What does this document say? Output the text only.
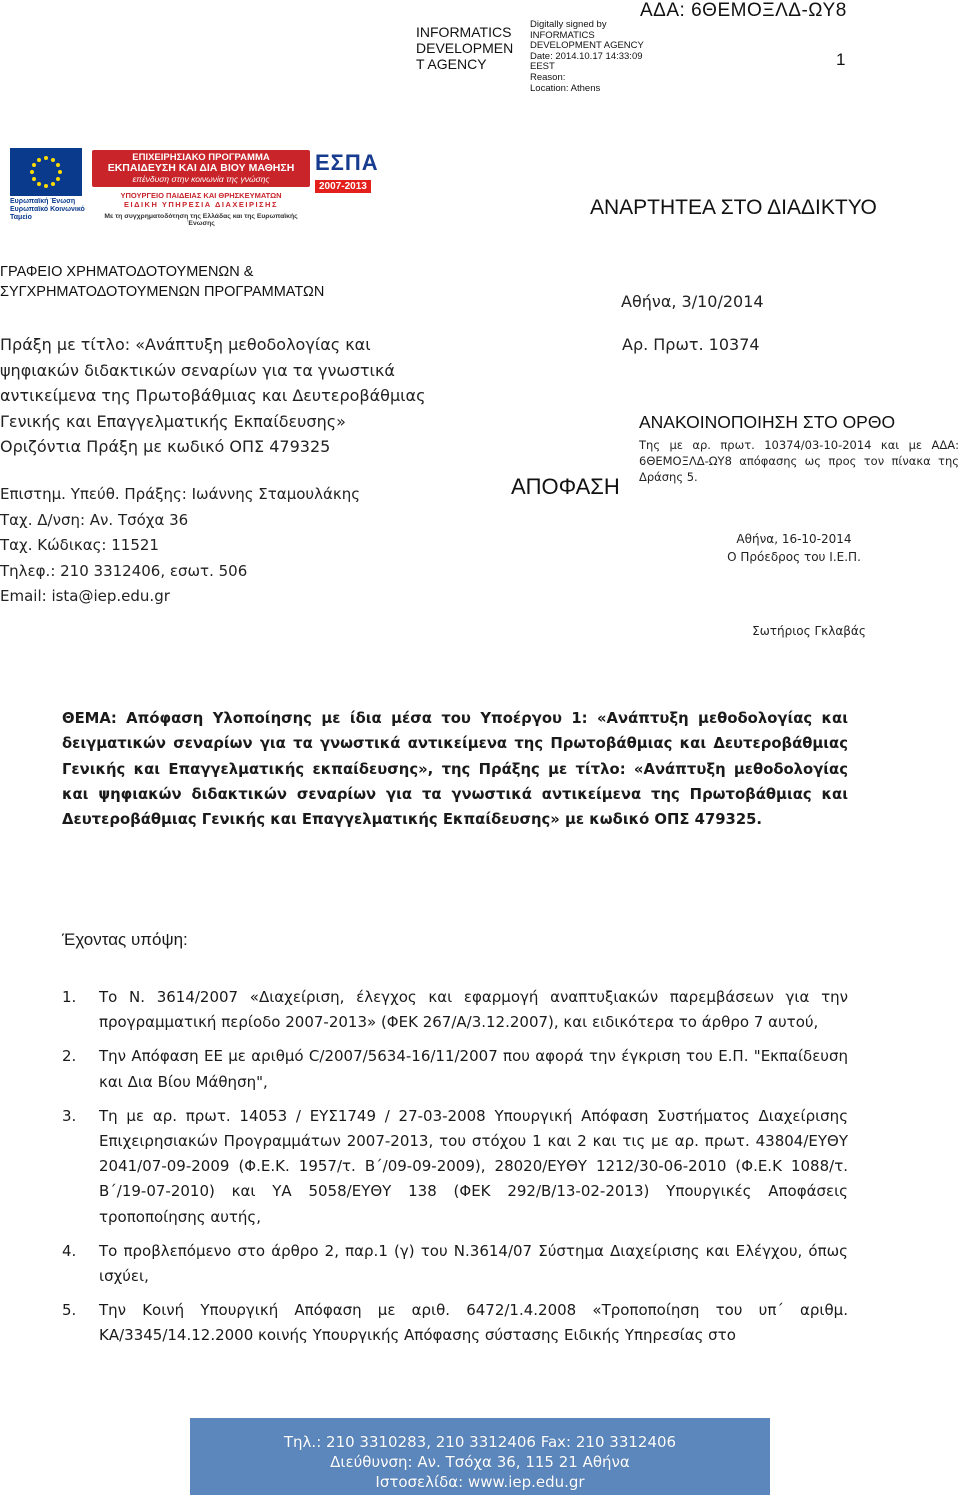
INFORMATICS
DEVELOPMEN
T AGENCY
Digitally signed by
INFORMATICS
DEVELOPMENT AGENCY
Date: 2014.10.17 14:33:09
EEST
Reason:
Location: Athens
ΑΔΑ: 6ΘΕΜΟΞΛΔ-ΩΥ8
1
Ευρωπαϊκή Ένωση
Ευρωπαϊκό Κοινωνικό Ταμείο
ΕΠΙΧΕΙΡΗΣΙΑΚΟ ΠΡΟΓΡΑΜΜΑ
ΕΚΠΑΙΔΕΥΣΗ ΚΑΙ ΔΙΑ ΒΙΟΥ ΜΑΘΗΣΗ
επένδυση στην κοινωνία της γνώσης
ΥΠΟΥΡΓΕΙΟ ΠΑΙΔΕΙΑΣ ΚΑΙ ΘΡΗΣΚΕΥΜΑΤΩΝ
ΕΙΔΙΚΗ ΥΠΗΡΕΣΙΑ ΔΙΑΧΕΙΡΙΣΗΣ
Με τη συγχρηματοδότηση της Ελλάδας και της Ευρωπαϊκής Ένωσης
ΕΣΠΑ
2007-2013
ΑΝΑΡΤΗΤΕΑ ΣΤΟ ΔΙΑΔΙΚΤΥΟ
ΓΡΑΦΕΙΟ ΧΡΗΜΑΤΟΔΟΤΟΥΜΕΝΩΝ &
ΣΥΓΧΡΗΜΑΤΟΔΟΤΟΥΜΕΝΩΝ ΠΡΟΓΡΑΜΜΑΤΩΝ	Αθήνα, 3/10/2014
Πράξη με τίτλο: «Ανάπτυξη μεθοδολογίας και
ψηφιακών διδακτικών σεναρίων για τα γνωστικά
αντικείμενα της Πρωτοβάθμιας και Δευτεροβάθμιας
Γενικής και Επαγγελματικής Εκπαίδευσης»
Οριζόντια Πράξη με κωδικό ΟΠΣ 479325
Επιστημ. Υπεύθ. Πράξης: Ιωάννης Σταμουλάκης
Ταχ. Δ/νση: Αν. Τσόχα 36
Ταχ. Κώδικας: 11521
Τηλεφ.: 210 3312406, εσωτ. 506
Email: ista@iep.edu.gr
Αρ. Πρωτ. 10374
ΑΠΟΦΑΣΗ
ΑΝΑΚΟΙΝΟΠΟΙΗΣΗ ΣΤΟ ΟΡΘΟ
Της με αρ. πρωτ. 10374/03-10-2014 και με ΑΔΑ: 6ΘΕΜΟΞΛΔ-ΩΥ8 απόφασης ως προς τον πίνακα της Δράσης 5.
Αθήνα, 16-10-2014
Ο Πρόεδρος του Ι.Ε.Π.
Σωτήριος Γκλαβάς
ΘΕΜΑ: Απόφαση Υλοποίησης με ίδια μέσα του Υποέργου 1: «Ανάπτυξη μεθοδολογίας και δειγματικών σεναρίων για τα γνωστικά αντικείμενα της Πρωτοβάθμιας και Δευτεροβάθμιας Γενικής και Επαγγελματικής εκπαίδευσης», της Πράξης με τίτλο: «Ανάπτυξη μεθοδολογίας και ψηφιακών διδακτικών σεναρίων για τα γνωστικά αντικείμενα της Πρωτοβάθμιας και Δευτεροβάθμιας Γενικής και Επαγγελματικής Εκπαίδευσης» με κωδικό ΟΠΣ 479325.
Έχοντας υπόψη:
1.	Το Ν. 3614/2007 «Διαχείριση, έλεγχος και εφαρμογή αναπτυξιακών παρεμβάσεων για την προγραμματική περίοδο 2007-2013» (ΦΕΚ 267/Α/3.12.2007), και ειδικότερα το άρθρο 7 αυτού,
2.	Την Απόφαση ΕΕ με αριθμό C/2007/5634-16/11/2007 που αφορά την έγκριση του Ε.Π. "Εκπαίδευση και Δια Βίου Μάθηση",
3.	Τη με αρ. πρωτ. 14053 / ΕΥΣ1749 / 27-03-2008 Υπουργική Απόφαση Συστήματος Διαχείρισης Επιχειρησιακών Προγραμμάτων 2007-2013, του στόχου 1 και 2 και τις με αρ. πρωτ. 43804/ΕΥΘΥ 2041/07-09-2009 (Φ.Ε.Κ. 1957/τ. Β΄/09-09-2009), 28020/ΕΥΘΥ 1212/30-06-2010 (Φ.Ε.Κ 1088/τ. Β΄/19-07-2010) και ΥΑ 5058/ΕΥΘΥ 138 (ΦΕΚ 292/Β/13-02-2013) Υπουργικές Αποφάσεις τροποποίησης αυτής,
4.	Το προβλεπόμενο στο άρθρο 2, παρ.1 (γ) του Ν.3614/07 Σύστημα Διαχείρισης και Ελέγχου, όπως ισχύει,
5.	Την Κοινή Υπουργική Απόφαση με αριθ. 6472/1.4.2008 «Τροποποίηση του υπ΄ αριθμ. ΚΑ/3345/14.12.2000 κοινής Υπουργικής Απόφασης σύστασης Ειδικής Υπηρεσίας στο
Τηλ.: 210 3310283, 210 3312406 Fax: 210 3312406
Διεύθυνση: Αν. Τσόχα 36, 115 21 Αθήνα
Ιστοσελίδα: www.iep.edu.gr
